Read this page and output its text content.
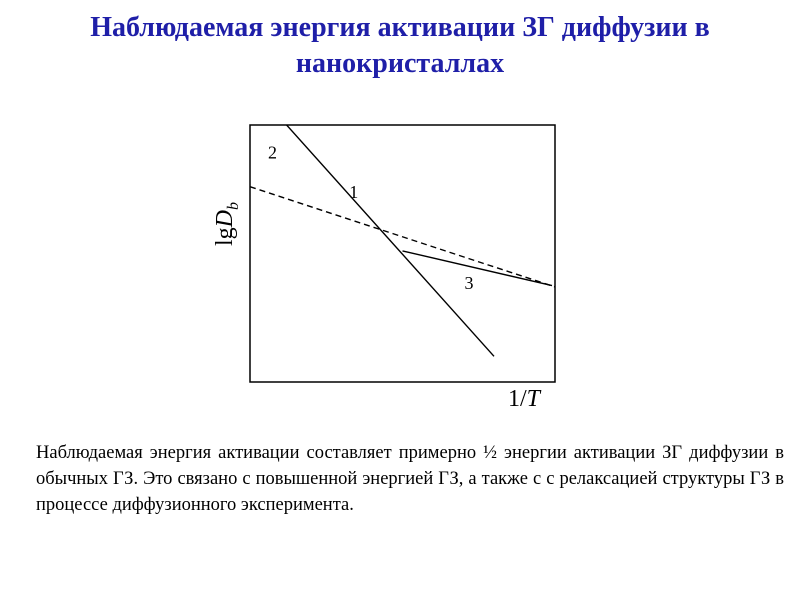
Наблюдаемая энергия активации ЗГ диффузии в нанокристаллах
1
2
3
lgD$_b$
1/T

Наблюдаемая энергия активации составляет примерно ½ энергии активации ЗГ диффузии в обычных ГЗ. Это связано с повышенной энергией ГЗ, а также с с релаксацией структуры ГЗ в процессе диффузионного эксперимента.
